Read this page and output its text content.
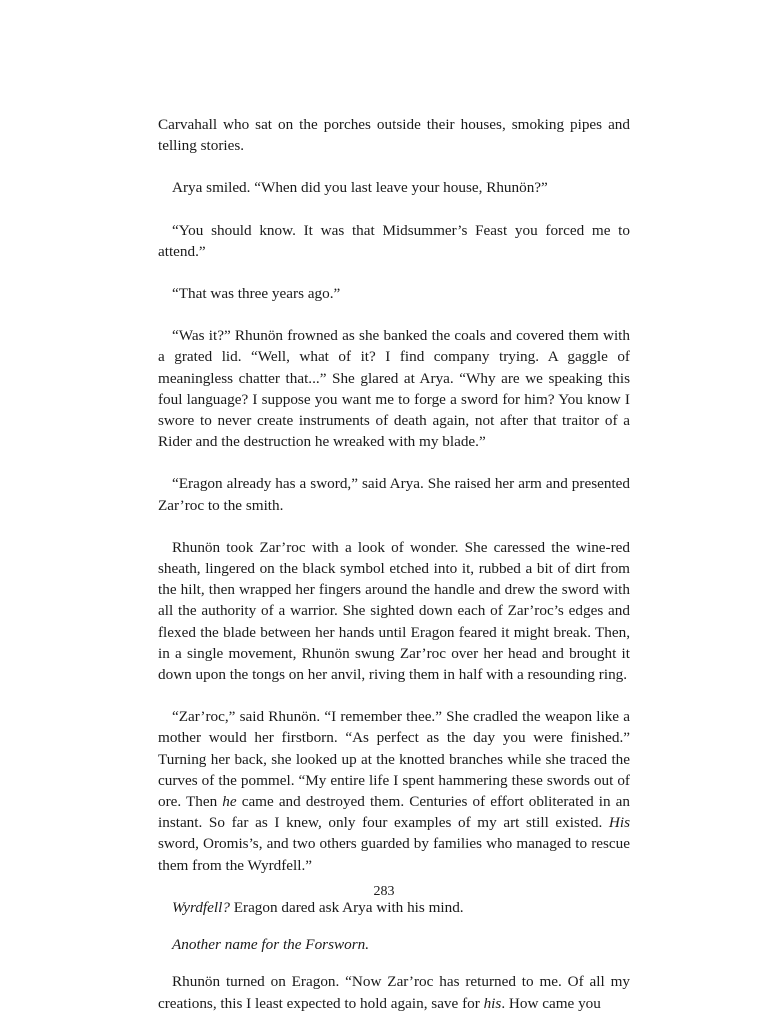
Carvahall who sat on the porches outside their houses, smoking pipes and telling stories.

Arya smiled. “When did you last leave your house, Rhunön?”

“You should know. It was that Midsummer’s Feast you forced me to attend.”

“That was three years ago.”

“Was it?” Rhunön frowned as she banked the coals and covered them with a grated lid. “Well, what of it? I find company trying. A gaggle of meaningless chatter that...” She glared at Arya. “Why are we speaking this foul language? I suppose you want me to forge a sword for him? You know I swore to never create instruments of death again, not after that traitor of a Rider and the destruction he wreaked with my blade.”

“Eragon already has a sword,” said Arya. She raised her arm and presented Zar’roc to the smith.

Rhunön took Zar’roc with a look of wonder. She caressed the wine-red sheath, lingered on the black symbol etched into it, rubbed a bit of dirt from the hilt, then wrapped her fingers around the handle and drew the sword with all the authority of a warrior. She sighted down each of Zar’roc’s edges and flexed the blade between her hands until Eragon feared it might break. Then, in a single movement, Rhunön swung Zar’roc over her head and brought it down upon the tongs on her anvil, riving them in half with a resounding ring.

“Zar’roc,” said Rhunön. “I remember thee.” She cradled the weapon like a mother would her firstborn. “As perfect as the day you were finished.” Turning her back, she looked up at the knotted branches while she traced the curves of the pommel. “My entire life I spent hammering these swords out of ore. Then he came and destroyed them. Centuries of effort obliterated in an instant. So far as I knew, only four examples of my art still existed. His sword, Oromis’s, and two others guarded by families who managed to rescue them from the Wyrdfell.”

Wyrdfell? Eragon dared ask Arya with his mind.

Another name for the Forsworn.

Rhunön turned on Eragon. “Now Zar’roc has returned to me. Of all my creations, this I least expected to hold again, save for his. How came you

283
